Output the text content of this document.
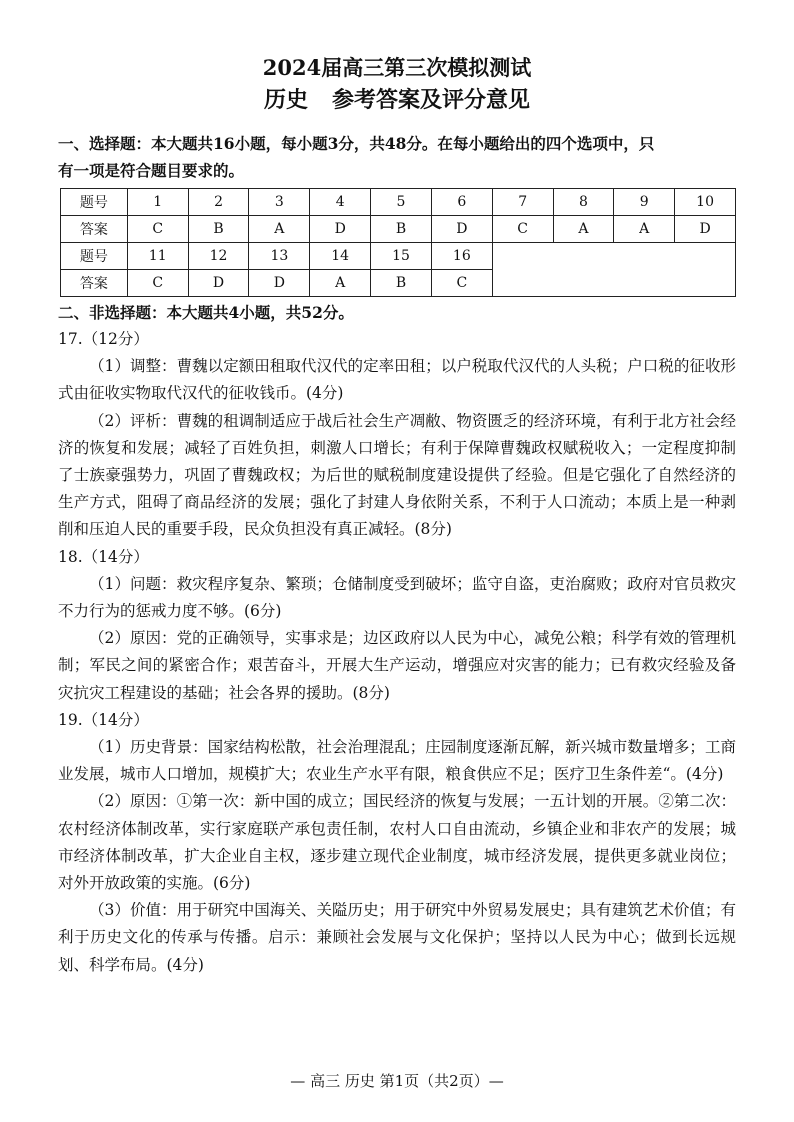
2024届高三第三次模拟测试
历史 参考答案及评分意见
一、选择题：本大题共16小题，每小题3分，共48分。在每小题给出的四个选项中，只
有一项是符合题目要求的。
题号	1	2	3	4	5	6	7	8	9	10
答案	C	B	A	D	B	D	C	A	A	D
题号	11	12	13	14	15	16				
答案	C	D	D	A	B	C				
二、非选择题：本大题共4小题，共52分。
17.（12分）
（1）调整：曹魏以定额田租取代汉代的定率田租；以户税取代汉代的人头税；户口税的征收形式由征收实物取代汉代的征收钱币。(4分)
（2）评析：曹魏的租调制适应于战后社会生产凋敝、物资匮乏的经济环境，有利于北方社会经济的恢复和发展；减轻了百姓负担，刺激人口增长；有利于保障曹魏政权赋税收入；一定程度抑制了士族豪强势力，巩固了曹魏政权；为后世的赋税制度建设提供了经验。但是它强化了自然经济的生产方式，阻碍了商品经济的发展；强化了封建人身依附关系，不利于人口流动；本质上是一种剥削和压迫人民的重要手段，民众负担没有真正减轻。(8分)
18.（14分）
（1）问题：救灾程序复杂、繁琐；仓储制度受到破坏；监守自盗，吏治腐败；政府对官员救灾不力行为的惩戒力度不够。(6分)
（2）原因：党的正确领导，实事求是；边区政府以人民为中心，减免公粮；科学有效的管理机制；军民之间的紧密合作；艰苦奋斗，开展大生产运动，增强应对灾害的能力；已有救灾经验及备灾抗灾工程建设的基础；社会各界的援助。(8分)
19.（14分）
（1）历史背景：国家结构松散，社会治理混乱；庄园制度逐渐瓦解，新兴城市数量增多；工商业发展，城市人口增加，规模扩大；农业生产水平有限，粮食供应不足；医疗卫生条件差“。(4分)
（2）原因：①第一次：新中国的成立；国民经济的恢复与发展；一五计划的开展。②第二次：农村经济体制改革，实行家庭联产承包责任制，农村人口自由流动，乡镇企业和非农产的发展；城市经济体制改革，扩大企业自主权，逐步建立现代企业制度，城市经济发展，提供更多就业岗位；对外开放政策的实施。(6分)
（3）价值：用于研究中国海关、关隘历史；用于研究中外贸易发展史；具有建筑艺术价值；有利于历史文化的传承与传播。启示：兼顾社会发展与文化保护；坚持以人民为中心；做到长远规划、科学布局。(4分)
— 高三 历史 第1页（共2页）—
